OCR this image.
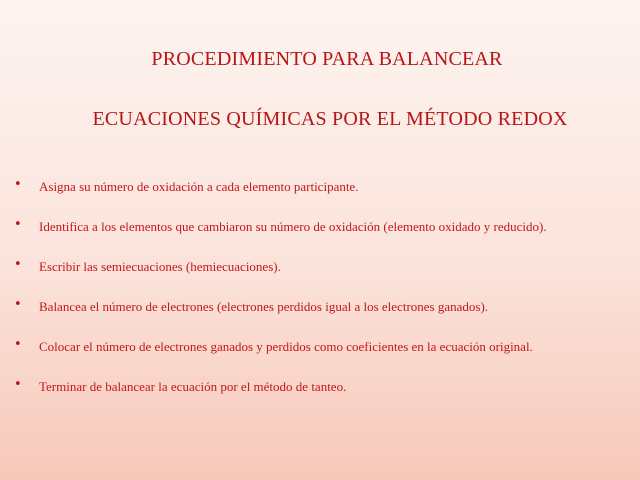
PROCEDIMIENTO PARA BALANCEAR
ECUACIONES QUÍMICAS POR EL MÉTODO REDOX
• Asigna su número de oxidación a cada elemento participante.
• Identifica a los elementos que cambiaron su número de oxidación (elemento oxidado y reducido).
• Escribir las semiecuaciones (hemiecuaciones).
• Balancea el número de electrones (electrones perdidos igual a los electrones ganados).
• Colocar el número de electrones ganados y perdidos como coeficientes en la ecuación original.
• Terminar de balancear la ecuación por el método de tanteo.
